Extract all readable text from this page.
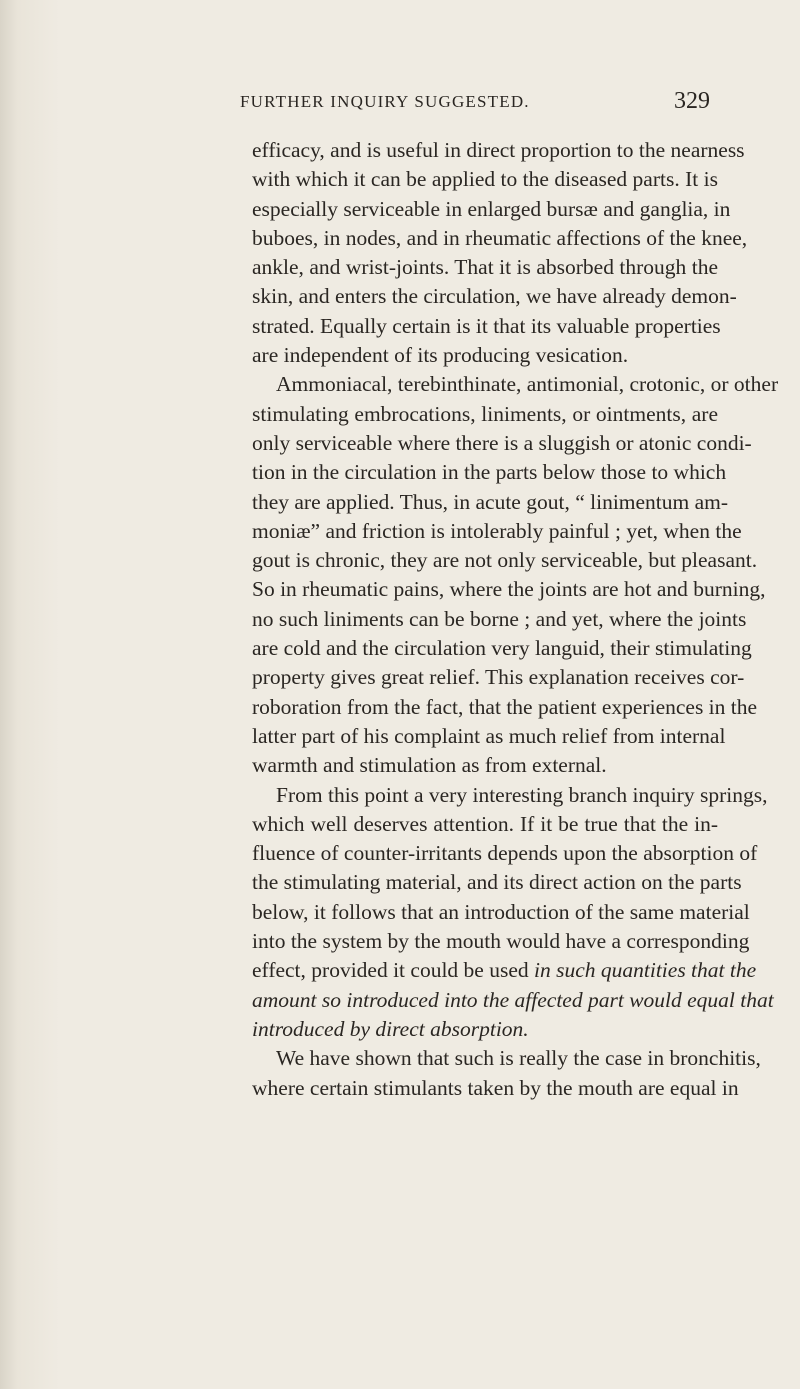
FURTHER INQUIRY SUGGESTED.	329
efficacy, and is useful in direct proportion to the nearness
with which it can be applied to the diseased parts. It is
especially serviceable in enlarged bursæ and ganglia, in
buboes, in nodes, and in rheumatic affections of the knee,
ankle, and wrist-joints. That it is absorbed through the
skin, and enters the circulation, we have already demon-
strated. Equally certain is it that its valuable properties
are independent of its producing vesication.
Ammoniacal, terebinthinate, antimonial, crotonic, or other
stimulating embrocations, liniments, or ointments, are
only serviceable where there is a sluggish or atonic condi-
tion in the circulation in the parts below those to which
they are applied. Thus, in acute gout, “ linimentum am-
moniæ” and friction is intolerably painful ; yet, when the
gout is chronic, they are not only serviceable, but pleasant.
So in rheumatic pains, where the joints are hot and burning,
no such liniments can be borne ; and yet, where the joints
are cold and the circulation very languid, their stimulating
property gives great relief. This explanation receives cor-
roboration from the fact, that the patient experiences in the
latter part of his complaint as much relief from internal
warmth and stimulation as from external.
From this point a very interesting branch inquiry springs,
which well deserves attention. If it be true that the in-
fluence of counter-irritants depends upon the absorption of
the stimulating material, and its direct action on the parts
below, it follows that an introduction of the same material
into the system by the mouth would have a corresponding
effect, provided it could be used in such quantities that the
amount so introduced into the affected part would equal that
introduced by direct absorption.
We have shown that such is really the case in bronchitis,
where certain stimulants taken by the mouth are equal in
